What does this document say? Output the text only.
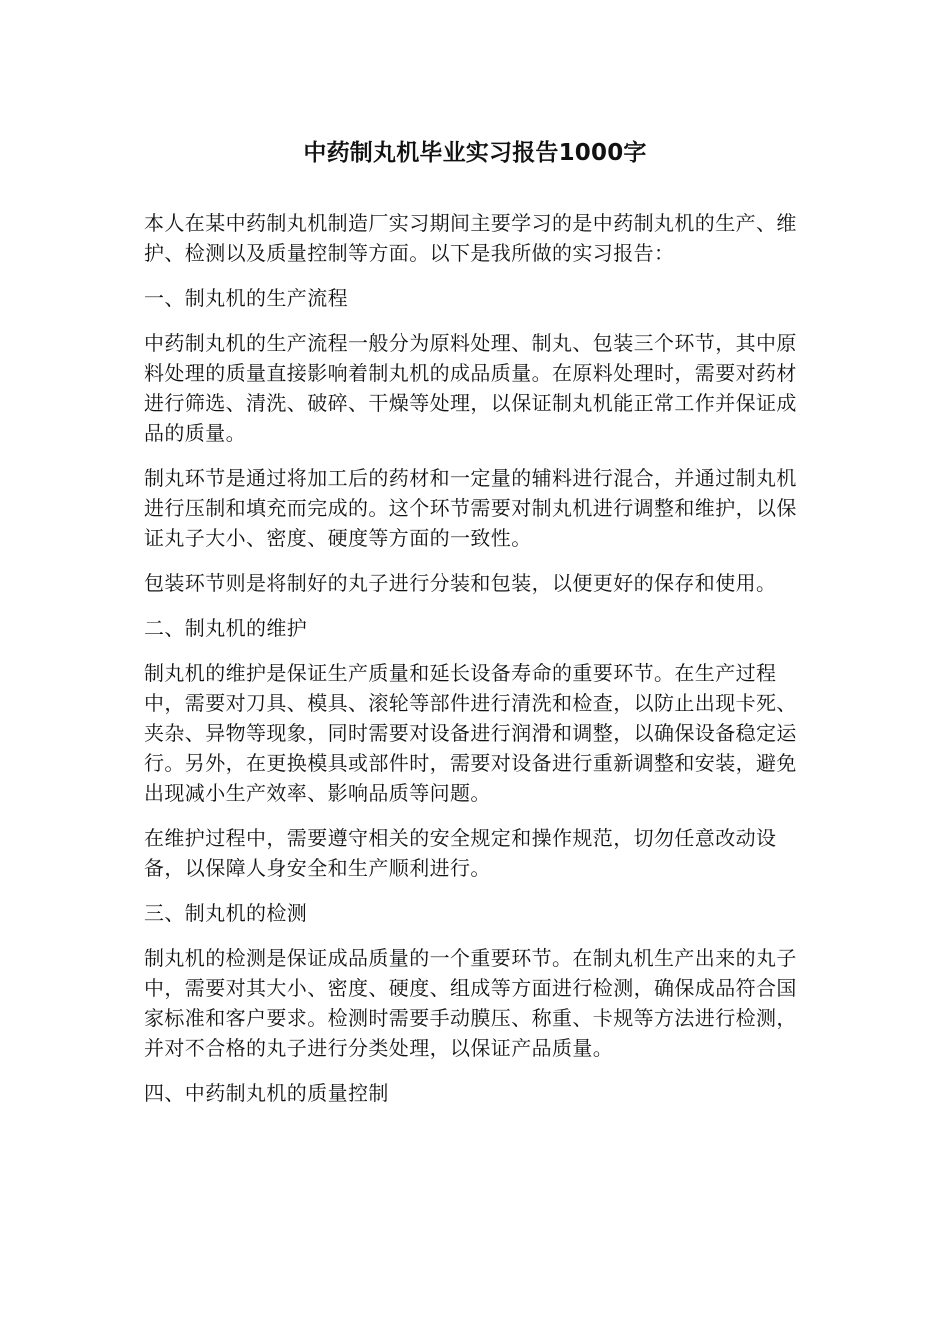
中药制丸机毕业实习报告1000字

本人在某中药制丸机制造厂实习期间主要学习的是中药制丸机的生产、维护、检测以及质量控制等方面。以下是我所做的实习报告：

一、制丸机的生产流程

中药制丸机的生产流程一般分为原料处理、制丸、包装三个环节，其中原料处理的质量直接影响着制丸机的成品质量。在原料处理时，需要对药材进行筛选、清洗、破碎、干燥等处理，以保证制丸机能正常工作并保证成品的质量。

制丸环节是通过将加工后的药材和一定量的辅料进行混合，并通过制丸机进行压制和填充而完成的。这个环节需要对制丸机进行调整和维护，以保证丸子大小、密度、硬度等方面的一致性。

包装环节则是将制好的丸子进行分装和包装，以便更好的保存和使用。

二、制丸机的维护

制丸机的维护是保证生产质量和延长设备寿命的重要环节。在生产过程中，需要对刀具、模具、滚轮等部件进行清洗和检查，以防止出现卡死、夹杂、异物等现象，同时需要对设备进行润滑和调整，以确保设备稳定运行。另外，在更换模具或部件时，需要对设备进行重新调整和安装，避免出现减小生产效率、影响品质等问题。

在维护过程中，需要遵守相关的安全规定和操作规范，切勿任意改动设备，以保障人身安全和生产顺利进行。

三、制丸机的检测

制丸机的检测是保证成品质量的一个重要环节。在制丸机生产出来的丸子中，需要对其大小、密度、硬度、组成等方面进行检测，确保成品符合国家标准和客户要求。检测时需要手动膜压、称重、卡规等方法进行检测，并对不合格的丸子进行分类处理，以保证产品质量。

四、中药制丸机的质量控制
